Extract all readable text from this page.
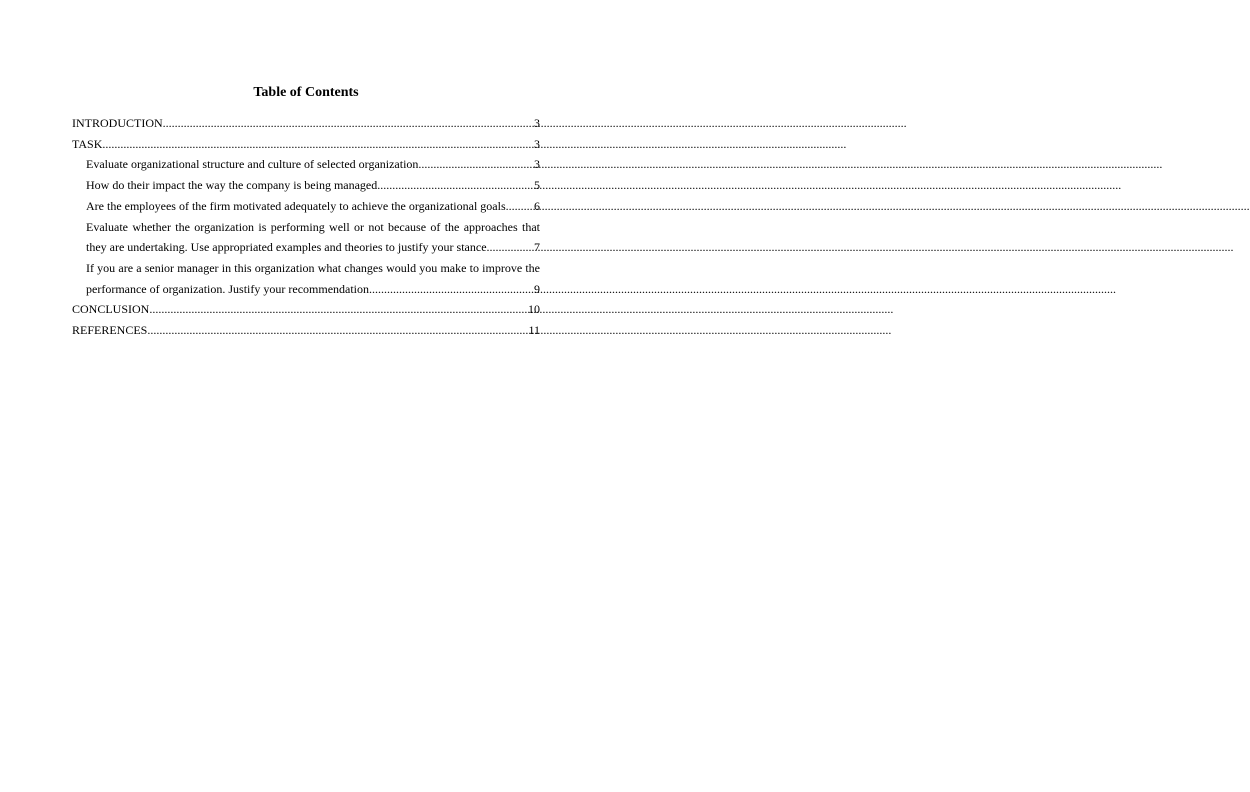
Table of Contents
INTRODUCTION .....	3
TASK .....	3
Evaluate organizational structure and culture of selected organization .....	3
How do their impact the way the company is being managed .....	5
Are the employees of the firm motivated adequately to achieve the organizational goals ..... 6
Evaluate whether the organization is performing well or not because of the approaches that
they are undertaking. Use appropriated examples and theories to justify your stance. .....	7
If you are a senior manager in this organization what changes would you make to improve the
performance of organization. Justify your recommendation. .....	9
CONCLUSION .....	10
REFERENCES .....	11
